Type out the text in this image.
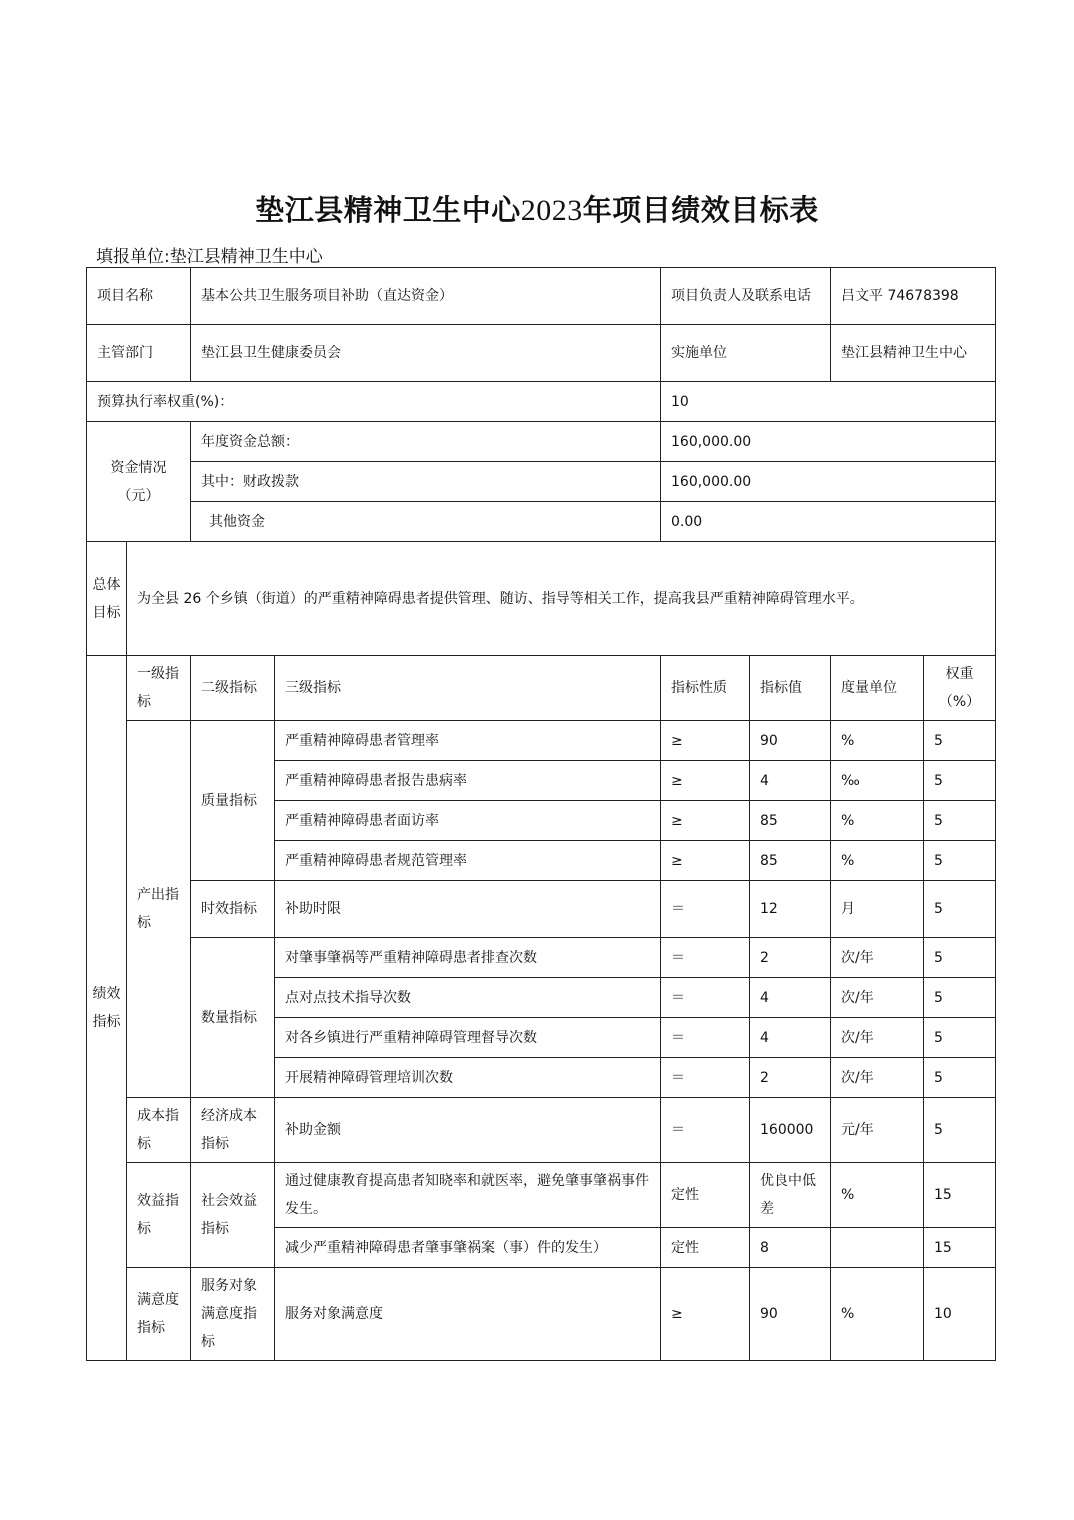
垫江县精神卫生中心2023年项目绩效目标表
填报单位:垫江县精神卫生中心
项目名称		基本公共卫生服务项目补助（直达资金）		项目负责人及联系电话		吕文平 74678398	
主管部门		垫江县卫生健康委员会		实施单位		垫江县精神卫生中心	
预算执行率权重(%)：				10			
资金情况（元）		年度资金总额：		160,000.00			
		其中：财政拨款		160,000.00			
		其他资金		0.00			
总体目标	为全县 26 个乡镇（街道）的严重精神障碍患者提供管理、随访、指导等相关工作，提高我县严重精神障碍管理水平。						
绩效指标	一级指标	二级指标	三级指标	指标性质	指标值	度量单位	权重（%）
	产出指标	质量指标	严重精神障碍患者管理率	≥	90	%	5
			严重精神障碍患者报告患病率	≥	4	‰	5
			严重精神障碍患者面访率	≥	85	%	5
			严重精神障碍患者规范管理率	≥	85	%	5
		时效指标	补助时限	＝	12	月	5
		数量指标	对肇事肇祸等严重精神障碍患者排查次数	＝	2	次/年	5
			点对点技术指导次数	＝	4	次/年	5
			对各乡镇进行严重精神障碍管理督导次数	＝	4	次/年	5
			开展精神障碍管理培训次数	＝	2	次/年	5
	成本指标	经济成本指标	补助金额	＝	160000	元/年	5
	效益指标	社会效益指标	通过健康教育提高患者知晓率和就医率，避免肇事肇祸事件发生。	定性	优良中低差	%	15
			减少严重精神障碍患者肇事肇祸案（事）件的发生）	定性	8		15
	满意度指标	服务对象满意度指标	服务对象满意度	≥	90	%	10
